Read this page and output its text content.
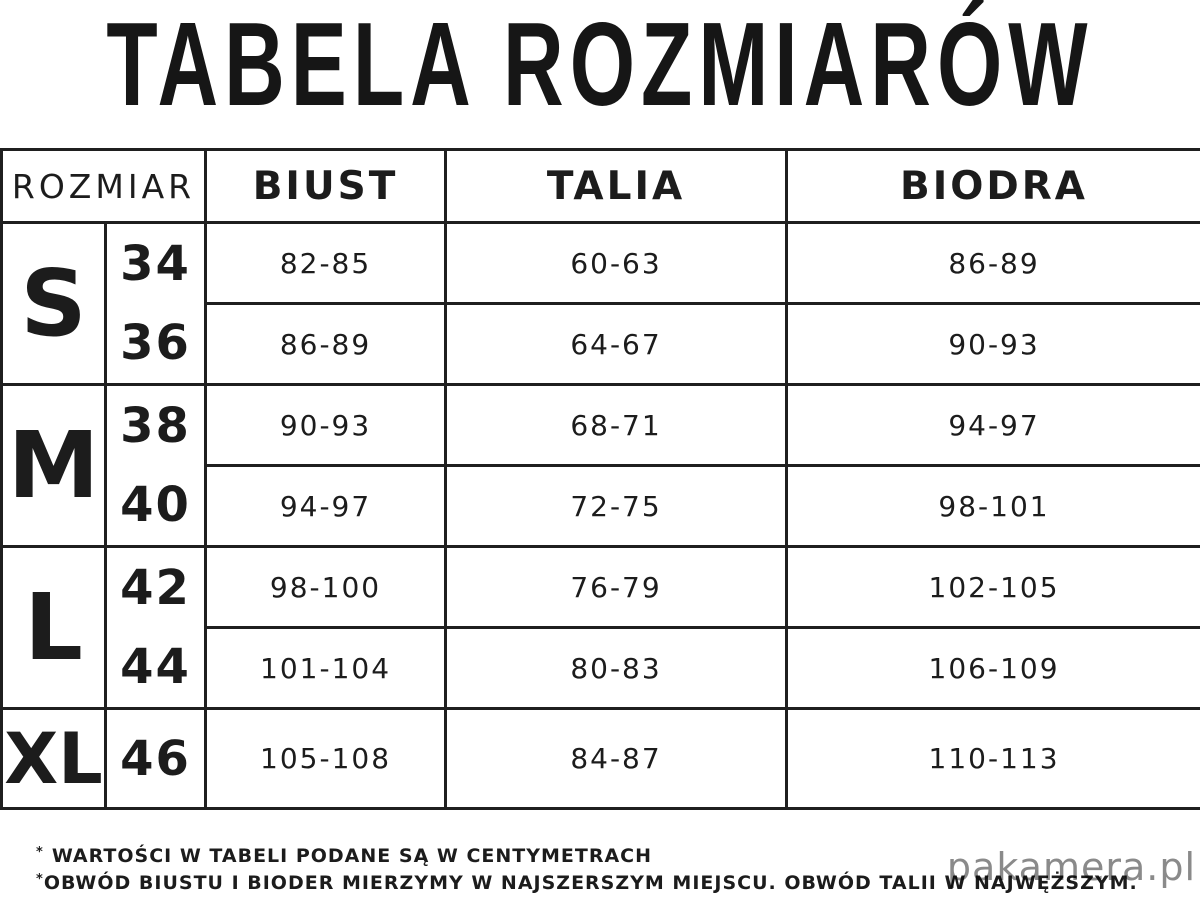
TABELA ROZMIARÓW
ROZMIAR		BIUST	TALIA	BIODRA
S	34	82-85	60-63	86-89
	36	86-89	64-67	90-93
M	38	90-93	68-71	94-97
	40	94-97	72-75	98-101
L	42	98-100	76-79	102-105
	44	101-104	80-83	106-109
XL	46	105-108	84-87	110-113
* WARTOŚCI W TABELI PODANE SĄ W CENTYMETRACH
*OBWÓD BIUSTU I BIODER MIERZYMY W NAJSZERSZYM MIEJSCU. OBWÓD TALII W NAJWĘŻSZYM.
pakamera.pl
